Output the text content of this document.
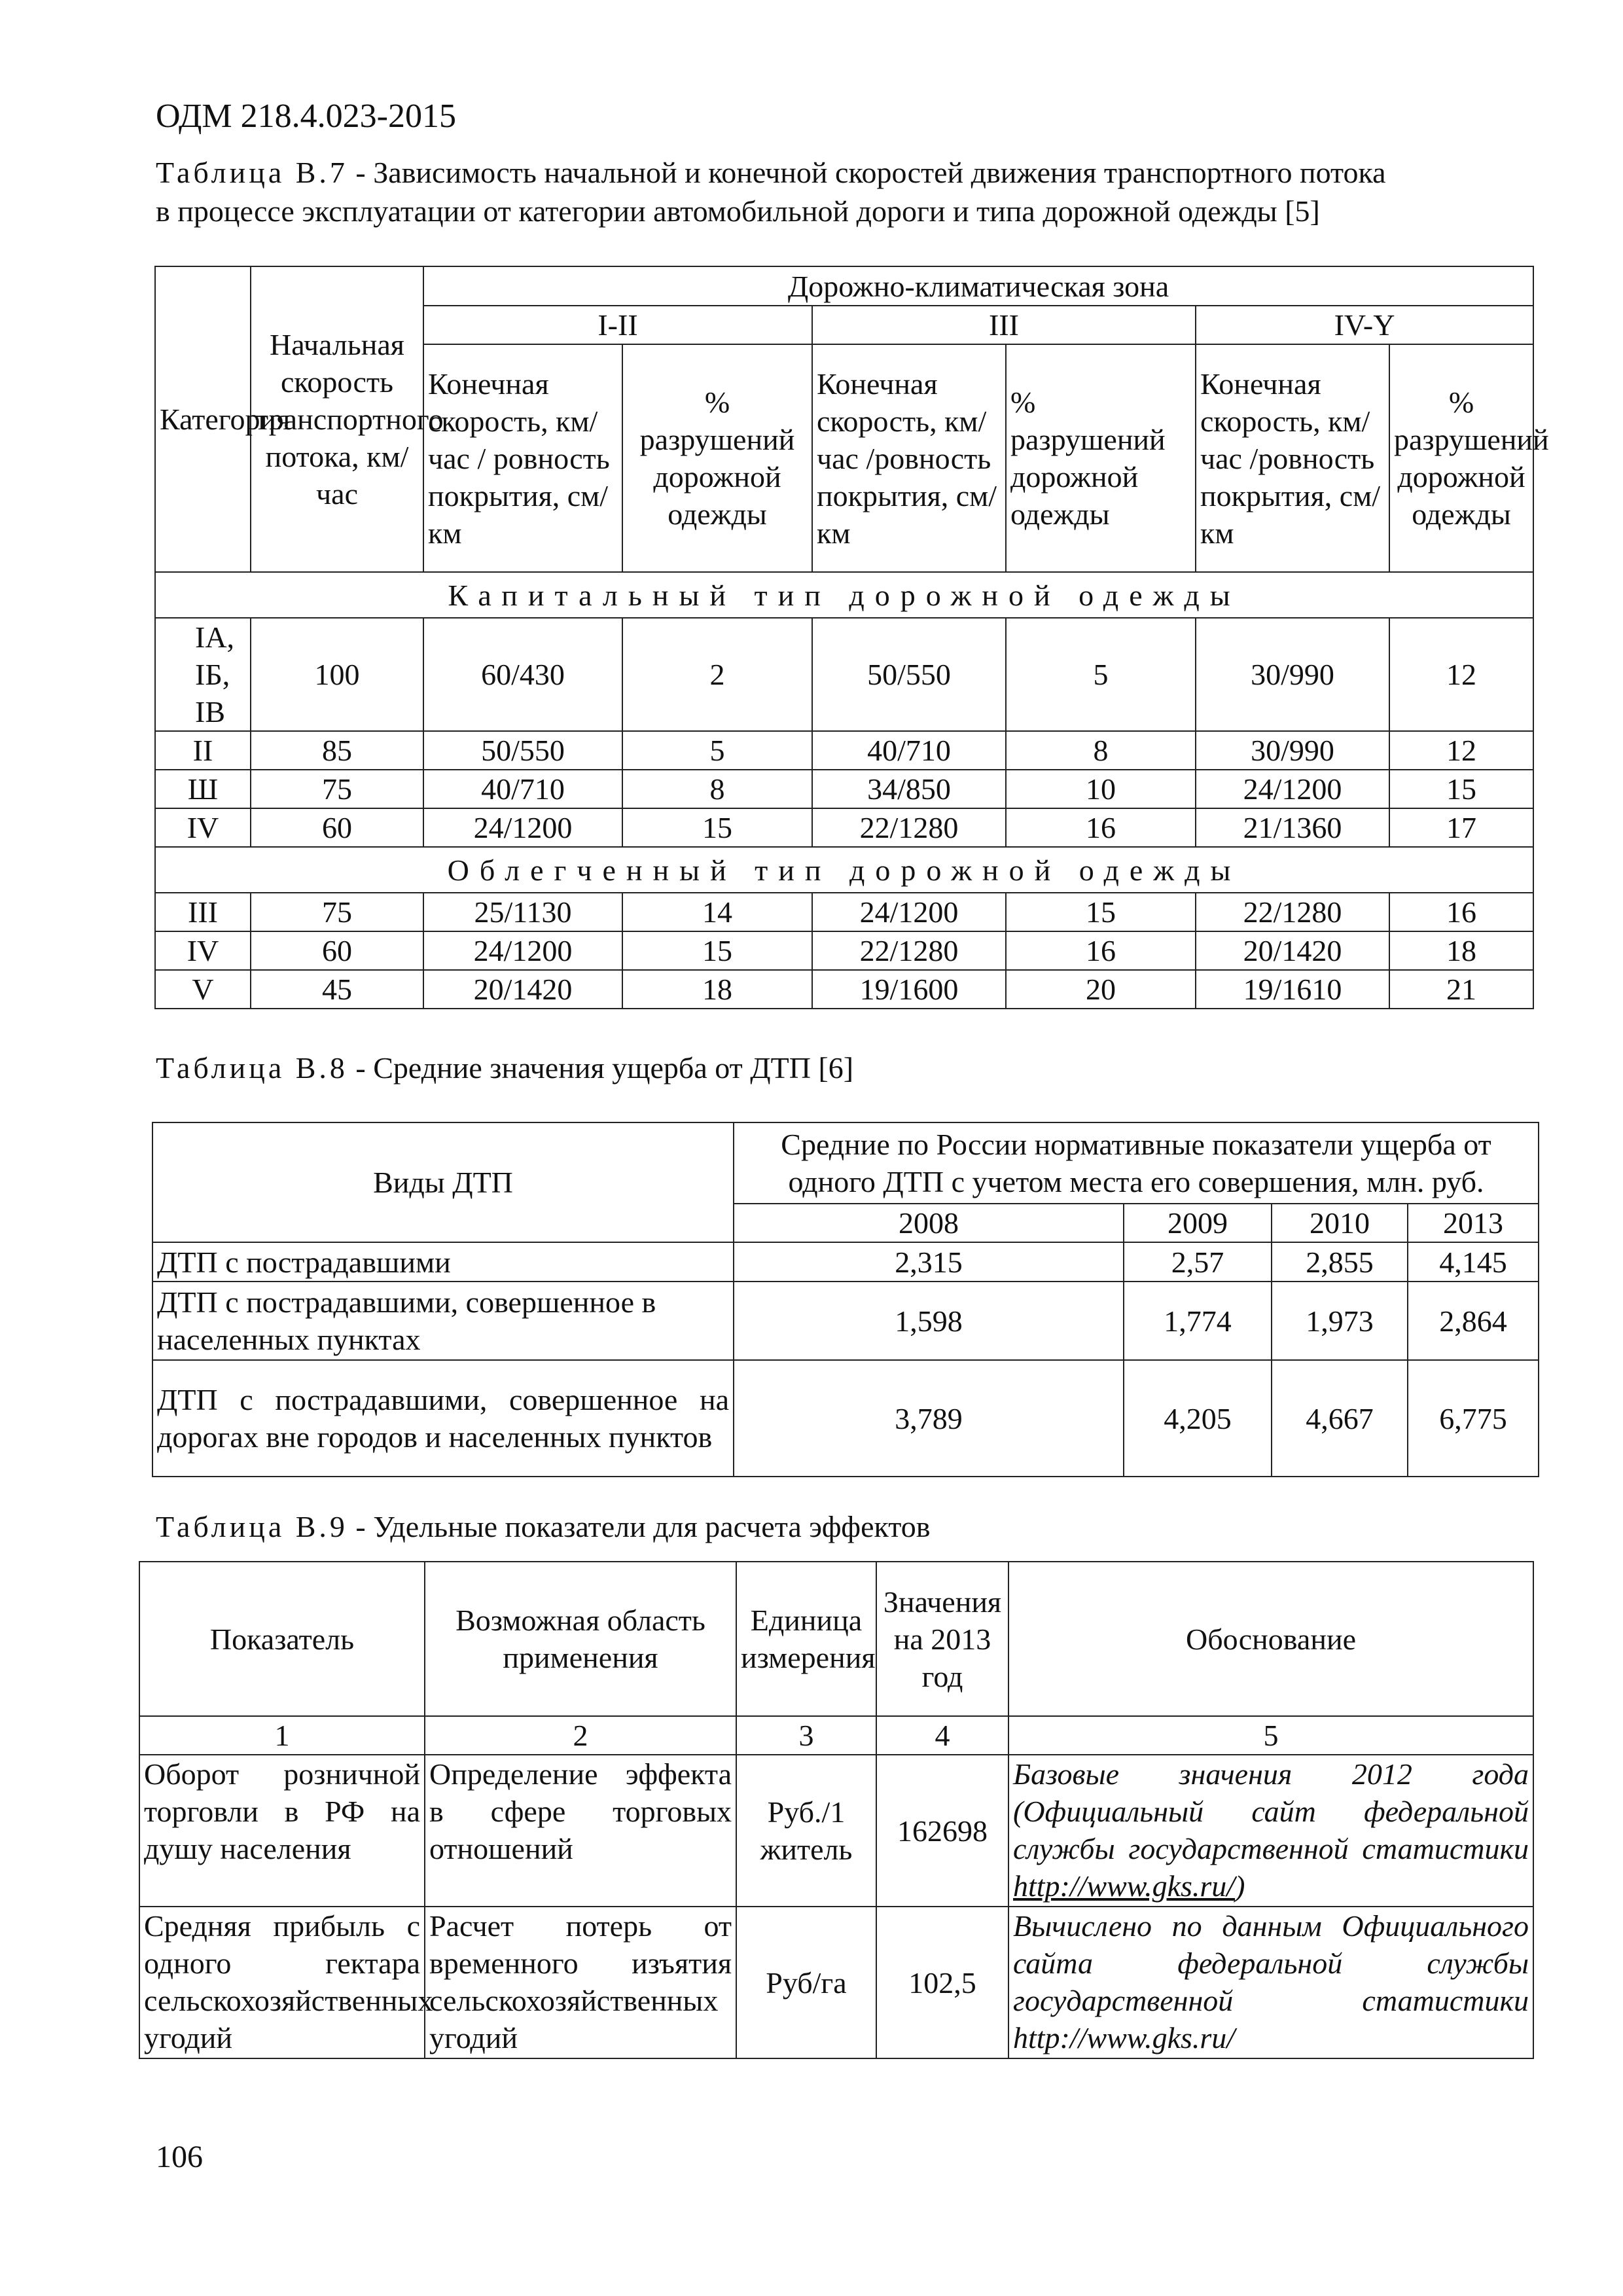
ОДМ 218.4.023-2015
Таблица В.7 - Зависимость начальной и конечной скоростей движения транспортного потока
в процессе эксплуатации от категории автомобильной дороги и типа дорожной одежды [5]
Категория	Начальная скорость транспортного потока, км/час	Дорожно-климатическая зона					
		I-II		III		IV-Y	
		Конечная скорость, км/час / ровность покрытия, см/км	% разрушений дорожной одежды	Конечная скорость, км/час /ровность покрытия, см/км	% разрушений дорожной одежды	Конечная скорость, км/час /ровность покрытия, см/км	% разрушений дорожной одежды
Капитальный тип дорожной одежды							
IA, IБ, IB	100	60/430	2	50/550	5	30/990	12
II	85	50/550	5	40/710	8	30/990	12
Ш	75	40/710	8	34/850	10	24/1200	15
IV	60	24/1200	15	22/1280	16	21/1360	17
Облегченный тип дорожной одежды							
III	75	25/1130	14	24/1200	15	22/1280	16
IV	60	24/1200	15	22/1280	16	20/1420	18
V	45	20/1420	18	19/1600	20	19/1610	21
Таблица В.8 - Средние значения ущерба от ДТП [6]
Виды ДТП	Средние по России нормативные показатели ущерба от одного ДТП с учетом места его совершения, млн. руб.			
	2008	2009	2010	2013
ДТП с пострадавшими	2,315	2,57	2,855	4,145
ДТП с пострадавшими, совершенное в населенных пунктах	1,598	1,774	1,973	2,864
ДТП с пострадавшими, совершенное на дорогах вне городов и населенных пунктов	3,789	4,205	4,667	6,775
Таблица В.9 - Удельные показатели для расчета эффектов
Показатель	Возможная область применения	Единица измерения	Значения на 2013 год	Обоснование
1	2	3	4	5
Оборот розничной торговли в РФ на душу населения	Определение эффекта в сфере торговых отношений	Руб./1 житель	162698	Базовые значения 2012 года (Официальный сайт федеральной службы государственной статистики http://www.gks.ru/)
Средняя прибыль с одного гектара сельскохозяйственных угодий	Расчет потерь от временного изъятия сельскохозяйственных угодий	Руб/га	102,5	Вычислено по данным Официального сайта федеральной службы государственной статистики http://www.gks.ru/
106
